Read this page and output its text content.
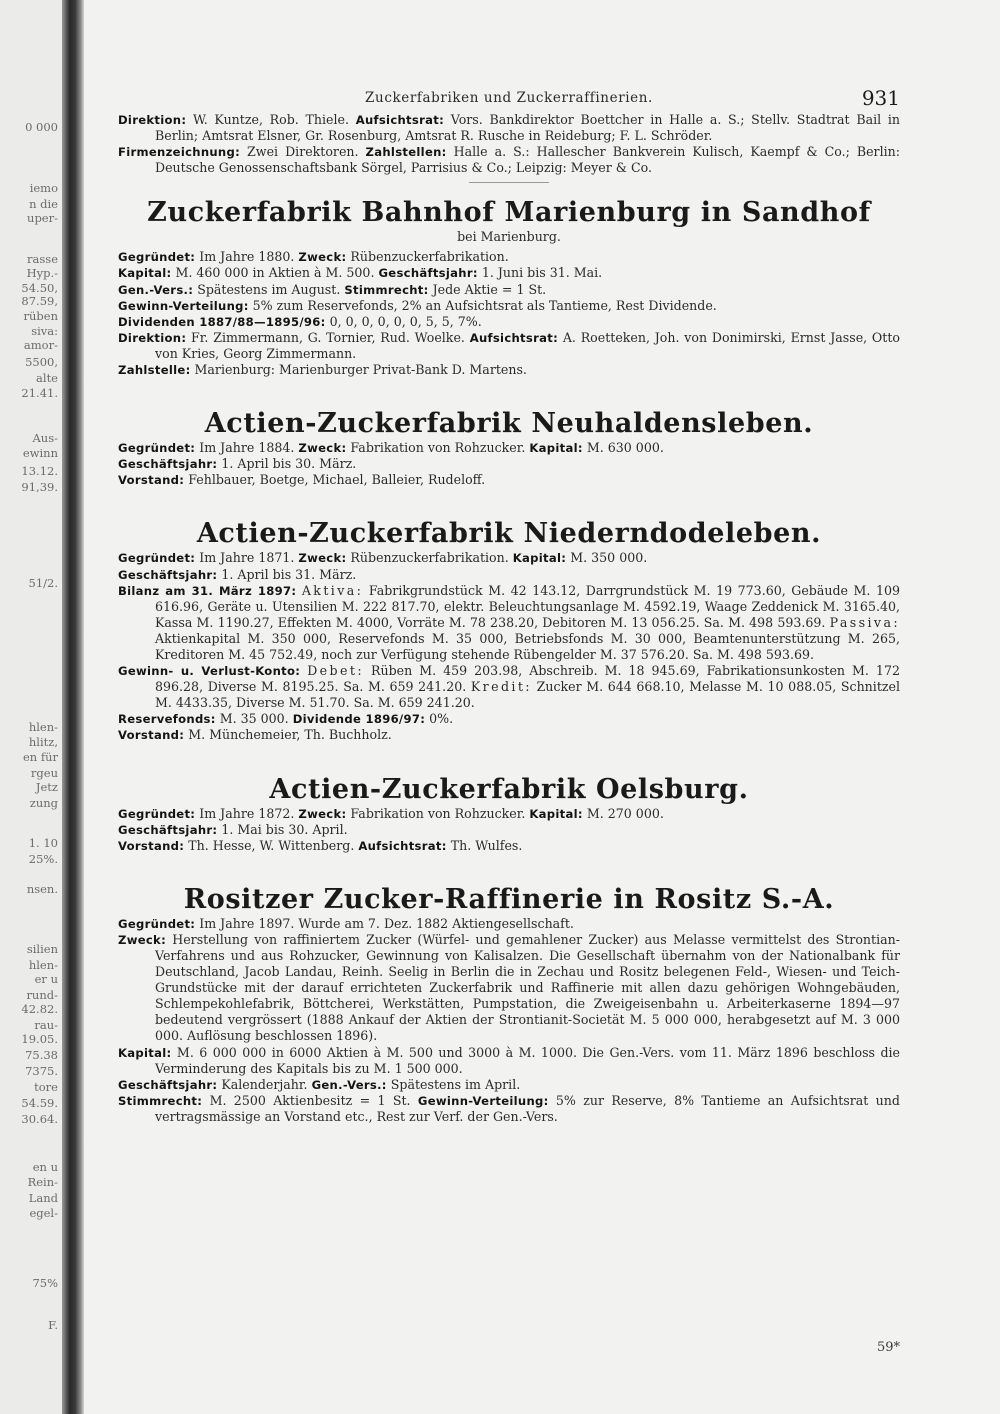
0 000
iemo
n die
uper-
rasse
Hyp.-
54.50,
87.59,
rüben
siva:
amor-
5500,
alte
21.41.
Aus-
ewinn
13.12.
91,39.
51/2.
hlen-
hlitz,
en für
rgeu
Jetz
zung
1. 10
25%.
nsen.
silien
hlen-
er u
rund-
42.82.
rau-
19.05.
75.38
7375.
tore
54.59.
30.64.
en u
Rein-
Land
egel-
75%
F.
Zuckerfabriken und Zuckerraffinerien.	931

Direktion: W. Kuntze, Rob. Thiele. Aufsichtsrat: Vors. Bankdirektor Boettcher in Halle a. S.; Stellv. Stadtrat Bail in Berlin; Amtsrat Elsner, Gr. Rosenburg, Amtsrat R. Rusche in Reideburg; F. L. Schröder.

Firmenzeichnung: Zwei Direktoren. Zahlstellen: Halle a. S.: Hallescher Bankverein Kulisch, Kaempf & Co.; Berlin: Deutsche Genossenschaftsbank Sörgel, Parrisius & Co.; Leipzig: Meyer & Co.

Zuckerfabrik Bahnhof Marienburg in Sandhof
bei Marienburg.

Gegründet: Im Jahre 1880. Zweck: Rübenzuckerfabrikation.

Kapital: M. 460 000 in Aktien à M. 500. Geschäftsjahr: 1. Juni bis 31. Mai.

Gen.-Vers.: Spätestens im August. Stimmrecht: Jede Aktie = 1 St.

Gewinn-Verteilung: 5% zum Reservefonds, 2% an Aufsichtsrat als Tantieme, Rest Dividende.

Dividenden 1887/88—1895/96: 0, 0, 0, 0, 0, 0, 5, 5, 7%.

Direktion: Fr. Zimmermann, G. Tornier, Rud. Woelke. Aufsichtsrat: A. Roetteken, Joh. von Donimirski, Ernst Jasse, Otto von Kries, Georg Zimmermann.

Zahlstelle: Marienburg: Marienburger Privat-Bank D. Martens.

Actien-Zuckerfabrik Neuhaldensleben.

Gegründet: Im Jahre 1884. Zweck: Fabrikation von Rohzucker. Kapital: M. 630 000.

Geschäftsjahr: 1. April bis 30. März.

Vorstand: Fehlbauer, Boetge, Michael, Balleier, Rudeloff.

Actien-Zuckerfabrik Niederndodeleben.

Gegründet: Im Jahre 1871. Zweck: Rübenzuckerfabrikation. Kapital: M. 350 000.

Geschäftsjahr: 1. April bis 31. März.

Bilanz am 31. März 1897: Aktiva: Fabrikgrundstück M. 42 143.12, Darrgrundstück M. 19 773.60, Gebäude M. 109 616.96, Geräte u. Utensilien M. 222 817.70, elektr. Beleuchtungsanlage M. 4592.19, Waage Zeddenick M. 3165.40, Kassa M. 1190.27, Effekten M. 4000, Vorräte M. 78 238.20, Debitoren M. 13 056.25. Sa. M. 498 593.69. Passiva: Aktienkapital M. 350 000, Reservefonds M. 35 000, Betriebsfonds M. 30 000, Beamtenunterstützung M. 265, Kreditoren M. 45 752.49, noch zur Verfügung stehende Rübengelder M. 37 576.20. Sa. M. 498 593.69.

Gewinn- u. Verlust-Konto: Debet: Rüben M. 459 203.98, Abschreib. M. 18 945.69, Fabrikationsunkosten M. 172 896.28, Diverse M. 8195.25. Sa. M. 659 241.20. Kredit: Zucker M. 644 668.10, Melasse M. 10 088.05, Schnitzel M. 4433.35, Diverse M. 51.70. Sa. M. 659 241.20.

Reservefonds: M. 35 000. Dividende 1896/97: 0%.

Vorstand: M. Münchemeier, Th. Buchholz.

Actien-Zuckerfabrik Oelsburg.

Gegründet: Im Jahre 1872. Zweck: Fabrikation von Rohzucker. Kapital: M. 270 000.

Geschäftsjahr: 1. Mai bis 30. April.

Vorstand: Th. Hesse, W. Wittenberg. Aufsichtsrat: Th. Wulfes.

Rositzer Zucker-Raffinerie in Rositz S.-A.

Gegründet: Im Jahre 1897. Wurde am 7. Dez. 1882 Aktiengesellschaft.

Zweck: Herstellung von raffiniertem Zucker (Würfel- und gemahlener Zucker) aus Melasse vermittelst des Strontian-Verfahrens und aus Rohzucker, Gewinnung von Kalisalzen. Die Gesellschaft übernahm von der Nationalbank für Deutschland, Jacob Landau, Reinh. Seelig in Berlin die in Zechau und Rositz belegenen Feld-, Wiesen- und Teich-Grundstücke mit der darauf errichteten Zuckerfabrik und Raffinerie mit allen dazu gehörigen Wohngebäuden, Schlempekohlefabrik, Böttcherei, Werkstätten, Pumpstation, die Zweigeisenbahn u. Arbeiterkaserne 1894—97 bedeutend vergrössert (1888 Ankauf der Aktien der Strontianit-Societät M. 5 000 000, herabgesetzt auf M. 3 000 000. Auflösung beschlossen 1896).

Kapital: M. 6 000 000 in 6000 Aktien à M. 500 und 3000 à M. 1000. Die Gen.-Vers. vom 11. März 1896 beschloss die Verminderung des Kapitals bis zu M. 1 500 000.

Geschäftsjahr: Kalenderjahr. Gen.-Vers.: Spätestens im April.

Stimmrecht: M. 2500 Aktienbesitz = 1 St. Gewinn-Verteilung: 5% zur Reserve, 8% Tantieme an Aufsichtsrat und vertragsmässige an Vorstand etc., Rest zur Verf. der Gen.-Vers.

59*
